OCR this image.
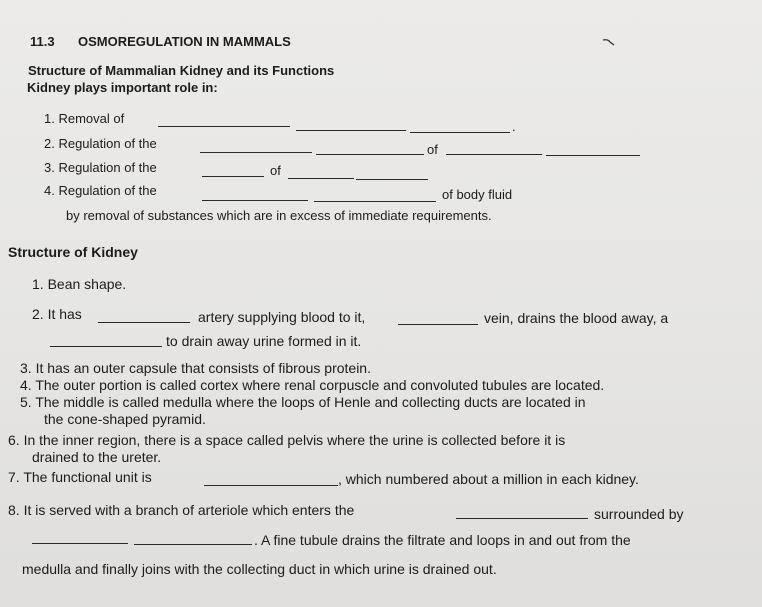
11.3 OSMOREGULATION IN MAMMALS
Structure of Mammalian Kidney and its Functions
Kidney plays important role in:
1. Removal of
.
2. Regulation of the	of
3. Regulation of the	of
4. Regulation of the	of body fluid
by removal of substances which are in excess of immediate requirements.
Structure of Kidney
1. Bean shape.
2. It has	artery supplying blood to it,	vein, drains the blood away, a
to drain away urine formed in it.
3. It has an outer capsule that consists of fibrous protein.
4. The outer portion is called cortex where renal corpuscle and convoluted tubules are located.
5. The middle is called medulla where the loops of Henle and collecting ducts are located in
the cone-shaped pyramid.
6. In the inner region, there is a space called pelvis where the urine is collected before it is
drained to the ureter.
7. The functional unit is	, which numbered about a million in each kidney.
8. It is served with a branch of arteriole which enters the	surrounded by
. A fine tubule drains the filtrate and loops in and out from the
medulla and finally joins with the collecting duct in which urine is drained out.
